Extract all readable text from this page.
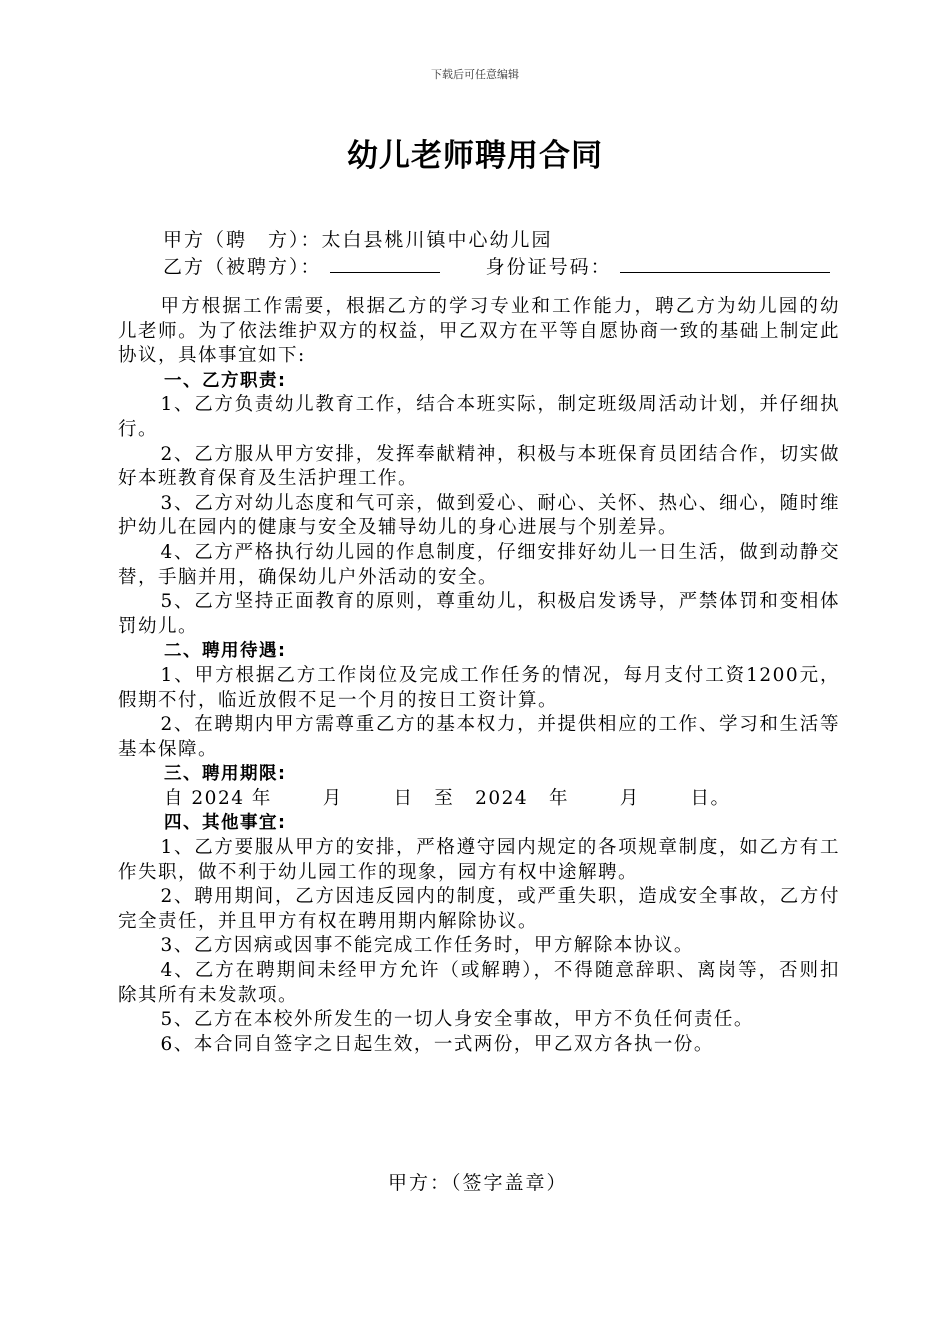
下载后可任意编辑
幼儿老师聘用合同
甲方（聘　方）：太白县桃川镇中心幼儿园
乙方（被聘方）：	身份证号码：

甲方根据工作需要，根据乙方的学习专业和工作能力，聘乙方为幼儿园的幼儿老师。为了依法维护双方的权益，甲乙双方在平等自愿协商一致的基础上制定此协议，具体事宜如下:

一、乙方职责:

1、乙方负责幼儿教育工作，结合本班实际，制定班级周活动计划，并仔细执行。

2、乙方服从甲方安排，发挥奉献精神，积极与本班保育员团结合作，切实做好本班教育保育及生活护理工作。

3、乙方对幼儿态度和气可亲，做到爱心、耐心、关怀、热心、细心，随时维护幼儿在园内的健康与安全及辅导幼儿的身心进展与个别差异。

4、乙方严格执行幼儿园的作息制度，仔细安排好幼儿一日生活，做到动静交替，手脑并用，确保幼儿户外活动的安全。

5、乙方坚持正面教育的原则，尊重幼儿，积极启发诱导，严禁体罚和变相体罚幼儿。

二、聘用待遇:

1、甲方根据乙方工作岗位及完成工作任务的情况，每月支付工资1200元，假期不付，临近放假不足一个月的按日工资计算。

2、在聘期内甲方需尊重乙方的基本权力，并提供相应的工作、学习和生活等基本保障。

三、聘用期限:

自 2024 年	月	日 至 2024 年	月	日。

四、其他事宜:

1、乙方要服从甲方的安排，严格遵守园内规定的各项规章制度，如乙方有工作失职，做不利于幼儿园工作的现象，园方有权中途解聘。

2、聘用期间，乙方因违反园内的制度，或严重失职，造成安全事故，乙方付完全责任，并且甲方有权在聘用期内解除协议。

3、乙方因病或因事不能完成工作任务时，甲方解除本协议。

4、乙方在聘期间未经甲方允许（或解聘），不得随意辞职、离岗等，否则扣除其所有未发款项。

5、乙方在本校外所发生的一切人身安全事故，甲方不负任何责任。

6、本合同自签字之日起生效，一式两份，甲乙双方各执一份。

甲方：（签字盖章）
